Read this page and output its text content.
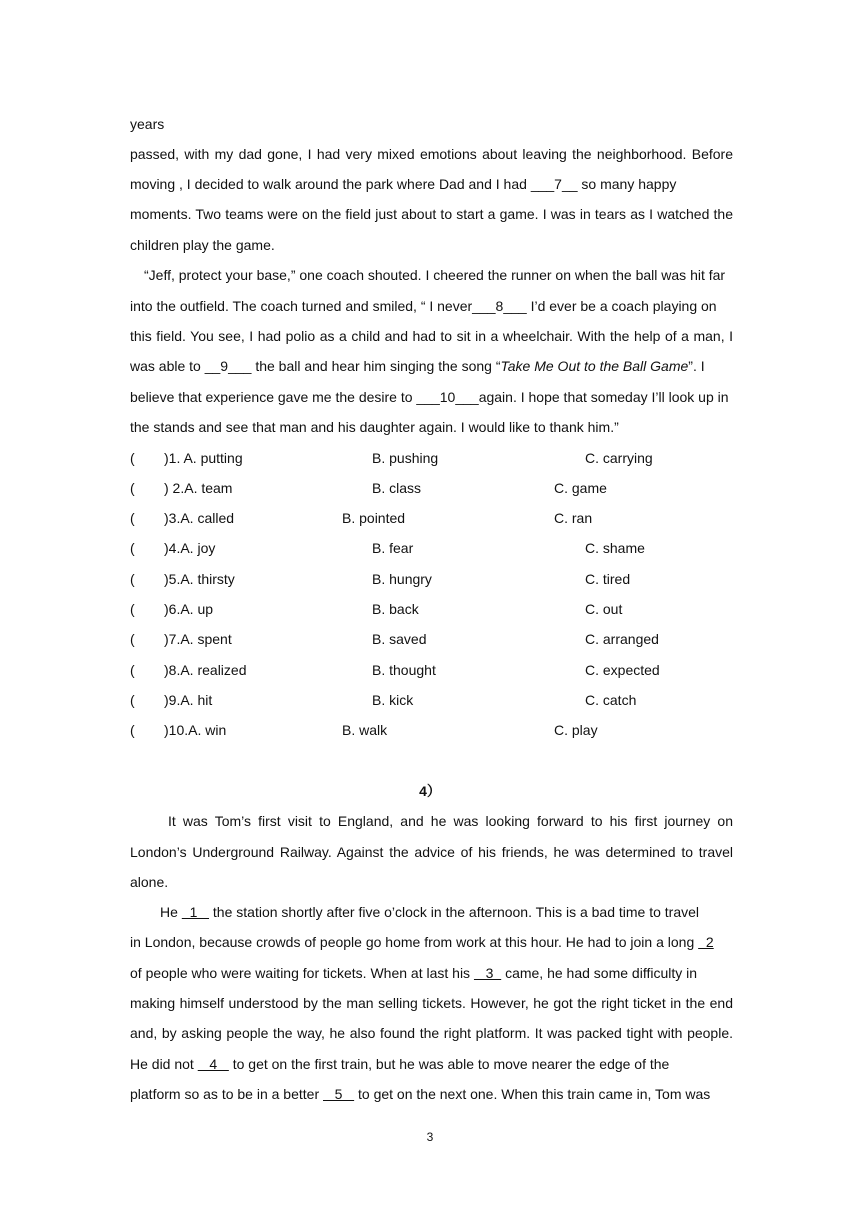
years
passed, with my dad gone, I had very mixed emotions about leaving the neighborhood. Before
moving , I decided to walk around the park where Dad and I had ___7__ so many happy
moments. Two teams were on the field just about to start a game. I was in tears as I watched the
children play the game.
“Jeff, protect your base,” one coach shouted. I cheered the runner on when the ball was hit far
into the outfield. The coach turned and smiled, “ I never___8___ I’d ever be a coach playing on
this field. You see, I had polio as a child and had to sit in a wheelchair. With the help of a man, I
was able to __9___ the ball and hear him singing the song “Take Me Out to the Ball Game”. I
believe that experience gave me the desire to ___10___again. I hope that someday I’ll look up in
the stands and see that man and his daughter again. I would like to thank him.”
( )1. A. putting	B. pushing	C. carrying
( ) 2.A. team	B. class	C. game
( )3.A. called	B. pointed	C. ran
( )4.A. joy	B. fear	C. shame
( )5.A. thirsty	B. hungry	C. tired
( )6.A. up	B. back	C. out
( )7.A. spent	B. saved	C. arranged
( )8.A. realized	B. thought	C. expected
( )9.A. hit	B. kick	C. catch
( )10.A. win	B. walk	C. play
4）
It was Tom’s first visit to England, and he was looking forward to his first journey on
London’s Underground Railway. Against the advice of his friends, he was determined to travel
alone.
He   1    the station shortly after five o’clock in the afternoon. This is a bad time to travel
in London, because crowds of people go home from work at this hour. He had to join a long   2
of people who were waiting for tickets. When at last his    3   came, he had some difficulty in
making himself understood by the man selling tickets. However, he got the right ticket in the end
and, by asking people the way, he also found the right platform. It was packed tight with people.
He did not    4    to get on the first train, but he was able to move nearer the edge of the
platform so as to be in a better    5    to get on the next one. When this train came in, Tom was
3
